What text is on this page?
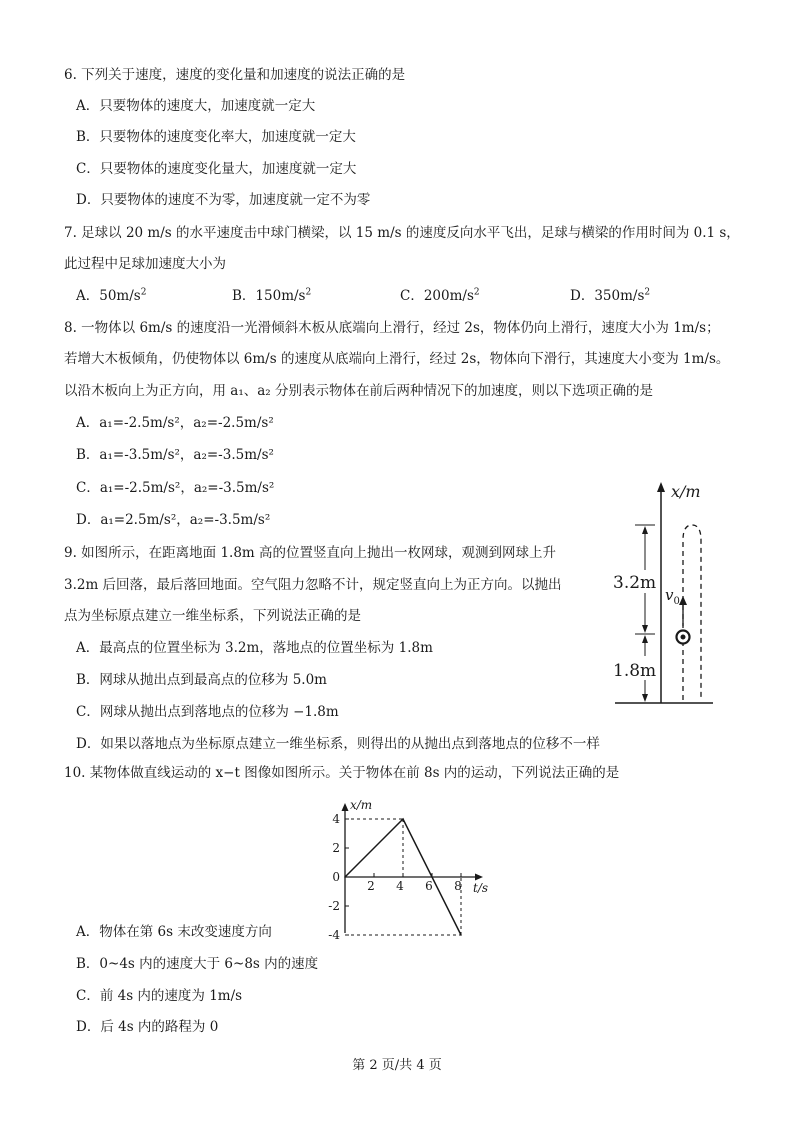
6. 下列关于速度，速度的变化量和加速度的说法正确的是
A．只要物体的速度大，加速度就一定大
B．只要物体的速度变化率大，加速度就一定大
C．只要物体的速度变化量大，加速度就一定大
D．只要物体的速度不为零，加速度就一定不为零
7. 足球以 20 m/s 的水平速度击中球门横梁，以 15 m/s 的速度反向水平飞出，足球与横梁的作用时间为 0.1 s，
此过程中足球加速度大小为
A．$50m/s^2$	B．$150m/s^2$	C．$200m/s^2$	D．$350m/s^2$
8. 一物体以 6m/s 的速度沿一光滑倾斜木板从底端向上滑行，经过 2s，物体仍向上滑行，速度大小为 1m/s；
若增大木板倾角，仍使物体以 6m/s 的速度从底端向上滑行，经过 2s，物体向下滑行，其速度大小变为 1m/s。
以沿木板向上为正方向，用 a₁、a₂ 分别表示物体在前后两种情况下的加速度，则以下选项正确的是
A．a₁=-2.5m/s²，a₂=-2.5m/s²
B．a₁=-3.5m/s²，a₂=-3.5m/s²
C．a₁=-2.5m/s²，a₂=-3.5m/s²
D．a₁=2.5m/s²，a₂=-3.5m/s²
9. 如图所示，在距离地面 1.8m 高的位置竖直向上抛出一枚网球，观测到网球上升
3.2m 后回落，最后落回地面。空气阻力忽略不计，规定竖直向上为正方向。以抛出
点为坐标原点建立一维坐标系，下列说法正确的是
A．最高点的位置坐标为 3.2m，落地点的位置坐标为 1.8m
B．网球从抛出点到最高点的位移为 5.0m
C．网球从抛出点到落地点的位移为 −1.8m
D．如果以落地点为坐标原点建立一维坐标系，则得出的从抛出点到落地点的位移不一样
x/m
3.2m
1.8m
$v_0$
10. 某物体做直线运动的 x−t 图像如图所示。关于物体在前 8s 内的运动，下列说法正确的是
A．物体在第 6s 末改变速度方向
B．0~4s 内的速度大于 6~8s 内的速度
C．前 4s 内的速度为 1m/s
D．后 4s 内的路程为 0
x/m
t/s
4
2
0
-2
-4
2 4 6 8
第 2 页/共 4 页
